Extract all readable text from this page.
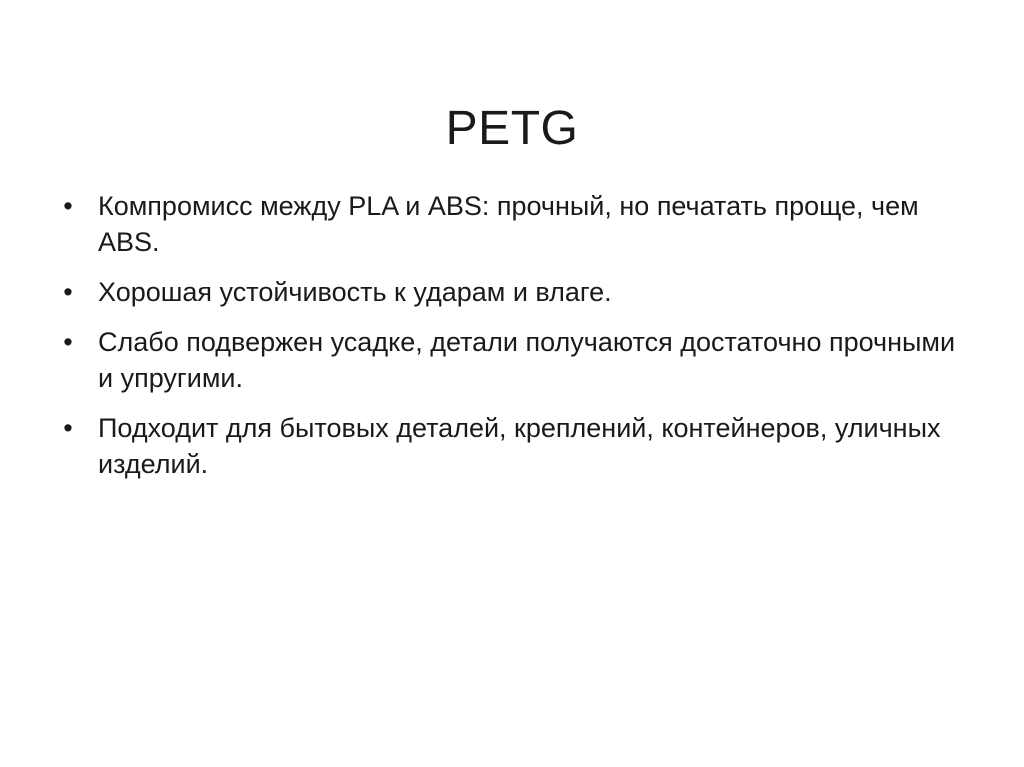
PETG
• Компромисс между PLA и ABS: прочный, но печатать проще, чем ABS.
• Хорошая устойчивость к ударам и влаге.
• Слабо подвержен усадке, детали получаются достаточно прочными и упругими.
• Подходит для бытовых деталей, креплений, контейнеров, уличных изделий.
